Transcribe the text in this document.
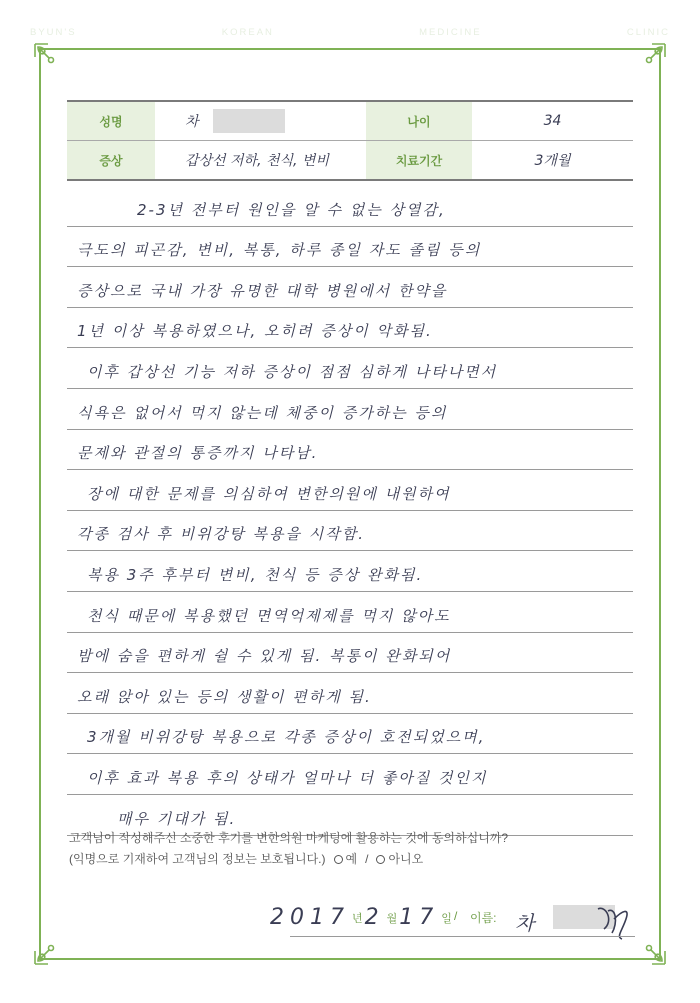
BYUN'S	KOREAN	MEDICINE	CLINIC
성명	차	나이	34
증상	갑상선 저하, 천식, 변비	치료기간	3개월
2-3년 전부터 원인을 알 수 없는 상열감,
극도의 피곤감, 변비, 복통, 하루 종일 자도 졸림 등의
증상으로 국내 가장 유명한 대학 병원에서 한약을
1년 이상 복용하였으나, 오히려 증상이 악화됨.
이후 갑상선 기능 저하 증상이 점점 심하게 나타나면서
식욕은 없어서 먹지 않는데 체중이 증가하는 등의
문제와 관절의 통증까지 나타남.
장에 대한 문제를 의심하여 변한의원에 내원하여
각종 검사 후 비위강탕 복용을 시작함.
복용 3주 후부터 변비, 천식 등 증상 완화됨.
천식 때문에 복용했던 면역억제제를 먹지 않아도
밤에 숨을 편하게 쉴 수 있게 됨. 복통이 완화되어
오래 앉아 있는 등의 생활이 편하게 됨.
3개월 비위강탕 복용으로 각종 증상이 호전되었으며,
이후 효과 복용 후의 상태가 얼마나 더 좋아질 것인지
매우 기대가 됨.
고객님이 작성해주신 소중한 후기를 변한의원 마케팅에 활용하는 것에 동의하십니까?
(익명으로 기재하여 고객님의 정보는 보호됩니다.) 예 / 아니오
2017 년 2 월 17 일 / 이름: 차
